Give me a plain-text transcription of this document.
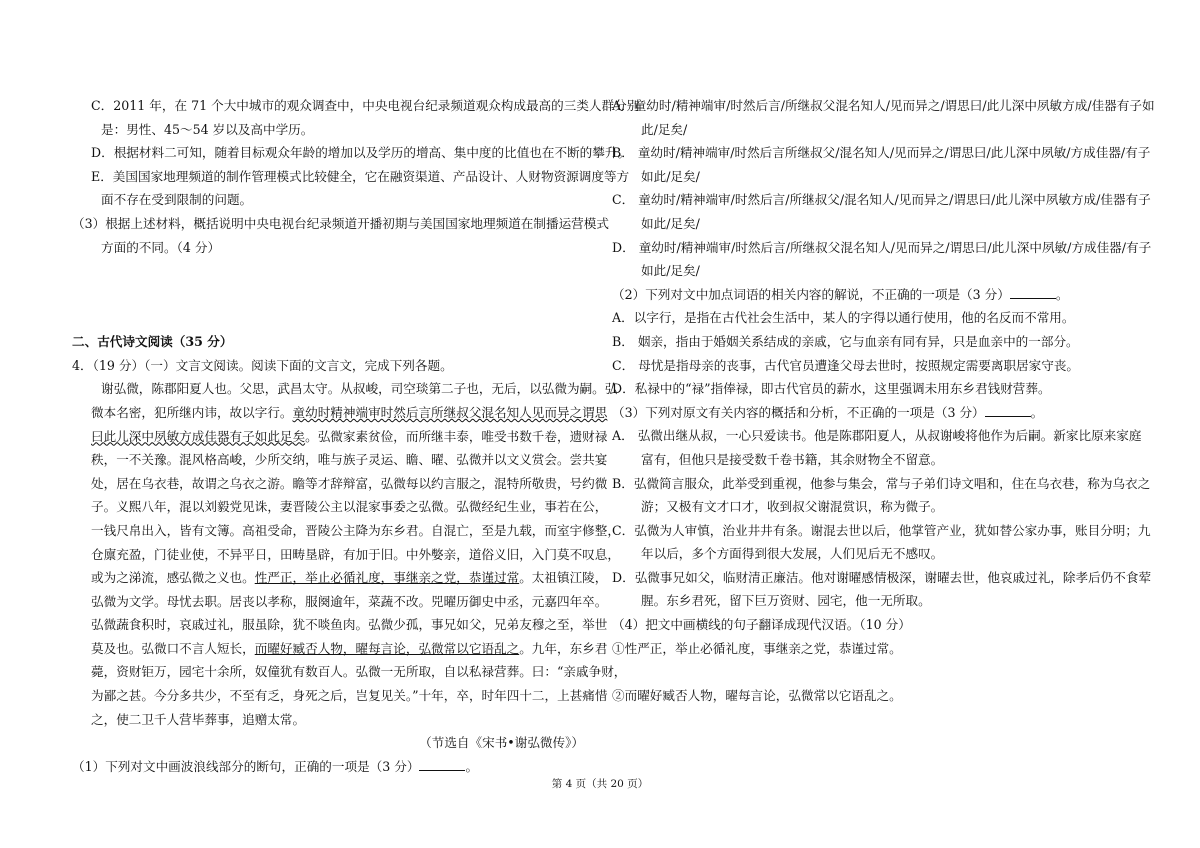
C．2011 年，在 71 个大中城市的观众调查中，中央电视台纪录频道观众构成最高的三类人群分别

是：男性、45～54 岁以及高中学历。

D．根据材料二可知，随着目标观众年龄的增加以及学历的增高、集中度的比值也在不断的攀升。

E．美国国家地理频道的制作管理模式比较健全，它在融资渠道、产品设计、人财物资源调度等方

面不存在受到限制的问题。

（3）根据上述材料，概括说明中央电视台纪录频道开播初期与美国国家地理频道在制播运营模式

方面的不同。（4 分）

二、古代诗文阅读（35 分）

4．（19 分）（一）文言文阅读。阅读下面的文言文，完成下列各题。

谢弘微，陈郡阳夏人也。父思，武昌太守。从叔峻，司空琰第二子也，无后，以弘微为嗣。弘

微本名密，犯所继内讳，故以字行。童幼时精神端审时然后言所继叔父混名知人见而异之谓思

曰此儿深中夙敏方成佳器有子如此足矣。弘微家素贫俭，而所继丰泰，唯受书数千卷，遗财禄

秩，一不关豫。混风格高峻，少所交纳，唯与族子灵运、瞻、曜、弘微并以文义赏会。尝共宴

处，居在乌衣巷，故谓之乌衣之游。瞻等才辞辩富，弘微每以约言服之，混特所敬贵，号约微

子。义熙八年，混以刘毅党见诛，妻晋陵公主以混家事委之弘微。弘微经纪生业，事若在公，

一钱尺帛出入，皆有文簿。高祖受命，晋陵公主降为东乡君。自混亡，至是九载，而室宇修整，

仓廪充盈，门徒业使，不异平日，田畴垦辟，有加于旧。中外嫳亲，道俗义旧，入门莫不叹息，

或为之涕流，感弘微之义也。性严正，举止必循礼度，事继亲之党，恭谨过常。太祖镇江陵，

弘微为文学。母忧去职。居丧以孝称，服阕逾年，菜蔬不改。兕曜历御史中丞，元嘉四年卒。

弘微蔬食积时，哀戚过礼，服虽除，犹不啖鱼肉。弘微少孤，事兄如父，兄弟友穆之至，举世

莫及也。弘微口不言人短长，而曜好臧否人物，曜每言论，弘微常以它语乱之。九年，东乡君

薨，资财钜万，园宅十余所，奴僮犹有数百人。弘微一无所取，自以私禄营葬。曰：“亲戚争财，

为鄙之甚。今分多共少，不至有乏，身死之后，岂复见关。”十年，卒，时年四十二，上甚痛惜

之，使二卫千人营毕葬事，追赠太常。

（节选自《宋书•谢弘微传》）

（1）下列对文中画波浪线部分的断句，正确的一项是（3 分）	。

A．童幼时/精神端审/时然后言/所继叔父混名知人/见而异之/谓思曰/此儿深中夙敏方成/佳器有子如

此/足矣/

B． 童幼时/精神端审/时然后言所继叔父/混名知人/见而异之/谓思曰/此儿深中夙敏/方成佳器/有子

如此/足矣/

C． 童幼时/精神端审/时然后言/所继叔父/混名知人/见而异之/谓思曰/此儿深中夙敏方成/佳器有子

如此/足矣/

D． 童幼时/精神端审/时然后言/所继叔父混名知人/见而异之/谓思曰/此儿深中夙敏/方成佳器/有子

如此/足矣/

（2）下列对文中加点词语的相关内容的解说，不正确的一项是（3 分）	。

A．以字行，是指在古代社会生活中，某人的字得以通行使用，他的名反而不常用。

B． 姻亲，指由于婚姻关系结成的亲戚，它与血亲有同有异，只是血亲中的一部分。

C． 母忧是指母亲的丧事，古代官员遭逢父母去世时，按照规定需要离职居家守丧。

D．私禄中的“禄”指俸禄，即古代官员的薪水，这里强调未用东乡君钱财营葬。

（3）下列对原文有关内容的概括和分析，不正确的一项是（3 分）	。

A． 弘微出继从叔，一心只爱读书。他是陈郡阳夏人，从叔谢峻将他作为后嗣。新家比原来家庭

富有，但他只是接受数千卷书籍，其余财物全不留意。

B．弘微简言服众，此举受到重视，他参与集会，常与子弟们诗文唱和，住在乌衣巷，称为乌衣之

游；又极有文才口才，收到叔父谢混赏识，称为微子。

C．弘微为人审慎，治业井井有条。谢混去世以后，他掌管产业，犹如替公家办事，账目分明；九

年以后，多个方面得到很大发展，人们见后无不感叹。

D．弘微事兄如父，临财清正廉洁。他对谢曜感情极深，谢曜去世，他哀戚过礼，除孝后仍不食荤

腥。东乡君死，留下巨万资财、园宅，他一无所取。

（4）把文中画横线的句子翻译成现代汉语。（10 分）

①性严正，举止必循礼度，事继亲之党，恭谨过常。

②而曜好臧否人物，曜每言论，弘微常以它语乱之。

第 4 页（共 20 页）
